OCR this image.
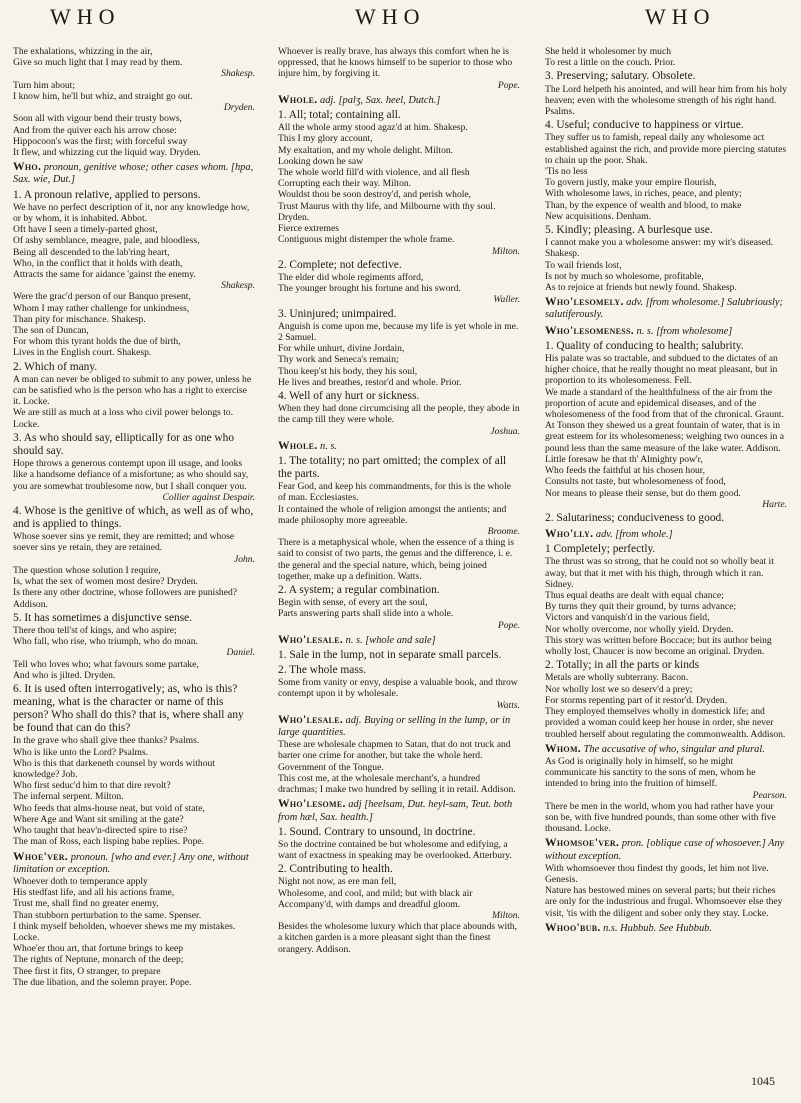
WHO	WHO	WHO

The exhalations, whizzing in the air,

Give so much light that I may read by them.

Shakesp.

Turn him about;

I know him, he'll but whiz, and straight go out.

Dryden.

Soon all with vigour bend their trusty bows,

And from the quiver each his arrow chose:

Hippocoon's was the first; with forceful sway

It flew, and whizzing cut the liquid way. Dryden.

Who. pronoun, genitive whose; other cases whom. [hpa, Sax. wie, Dut.]

1. A pronoun relative, applied to persons.

We have no perfect description of it, nor any knowledge how, or by whom, it is inhabited. Abbot.

Oft have I seen a timely-parted ghost,

Of ashy semblance, meagre, pale, and bloodless,

Being all descended to the lab'ring heart,

Who, in the conflict that it holds with death,

Attracts the same for aidance 'gainst the enemy.

Shakesp.

Were the grac'd person of our Banquo present,

Whom I may rather challenge for unkindness,

Than pity for mischance. Shakesp.

The son of Duncan,

For whom this tyrant holds the due of birth,

Lives in the English court. Shakesp.

2. Which of many.

A man can never be obliged to submit to any power, unless he can be satisfied who is the person who has a right to exercise it. Locke.

We are still as much at a loss who civil power belongs to. Locke.

3. As who should say, elliptically for as one who should say.

Hope throws a generous contempt upon ill usage, and looks like a handsome defiance of a misfortune; as who should say, you are somewhat troublesome now, but I shall conquer you.

Collier against Despair.

4. Whose is the genitive of which, as well as of who, and is applied to things.

Whose soever sins ye remit, they are remitted; and whose soever sins ye retain, they are retained.

John.

The question whose solution I require,

Is, what the sex of women most desire? Dryden.

Is there any other doctrine, whose followers are punished? Addison.

5. It has sometimes a disjunctive sense.

There thou tell'st of kings, and who aspire;

Who fall, who rise, who triumph, who do moan.

Daniel.

Tell who loves who; what favours some partake,

And who is jilted. Dryden.

6. It is used often interrogatively; as, who is this? meaning, what is the character or name of this person? Who shall do this? that is, where shall any be found that can do this?

In the grave who shall give thee thanks? Psalms.

Who is like unto the Lord? Psalms.

Who is this that darkeneth counsel by words without knowledge? Job.

Who first seduc'd him to that dire revolt?

The infernal serpent. Milton.

Who feeds that alms-house neat, but void of state,

Where Age and Want sit smiling at the gate?

Who taught that heav'n-directed spire to rise?

The man of Ross, each lisping babe replies. Pope.

Whoe'ver. pronoun. [who and ever.] Any one, without limitation or exception.

Whoever doth to temperance apply

His stedfast life, and all his actions frame,

Trust me, shall find no greater enemy,

Than stubborn perturbation to the same. Spenser.

I think myself beholden, whoever shews me my mistakes. Locke.

Whoe'er thou art, that fortune brings to keep

The rights of Neptune, monarch of the deep;

Thee first it fits, O stranger, to prepare

The due libation, and the solemn prayer. Pope.

Whoever is really brave, has always this comfort when he is oppressed, that he knows himself to be superior to those who injure him, by forgiving it.

Pope.

Whole. adj. [palʒ, Sax. heel, Dutch.]

1. All; total; containing all.

All the whole army stood agaz'd at him. Shakesp.

This I my glory account,

My exaltation, and my whole delight. Milton.

Looking down he saw

The whole world fill'd with violence, and all flesh

Corrupting each their way. Milton.

Wouldst thou be soon destroy'd, and perish whole,

Trust Maurus with thy life, and Milbourne with thy soul. Dryden.

Fierce extremes

Contiguous might distemper the whole frame.

Milton.

2. Complete; not defective.

The elder did whole regiments afford,

The younger brought his fortune and his sword.

Waller.

3. Uninjured; unimpaired.

Anguish is come upon me, because my life is yet whole in me. 2 Samuel.

For while unhurt, divine Jordain,

Thy work and Seneca's remain;

Thou keep'st his body, they his soul,

He lives and breathes, restor'd and whole. Prior.

4. Well of any hurt or sickness.

When they had done circumcising all the people, they abode in the camp till they were whole.

Joshua.

Whole. n. s.

1. The totality; no part omitted; the complex of all the parts.

Fear God, and keep his commandments, for this is the whole of man. Ecclesiastes.

It contained the whole of religion amongst the antients; and made philosophy more agreeable.

Broome.

There is a metaphysical whole, when the essence of a thing is said to consist of two parts, the genus and the difference, i. e. the general and the special nature, which, being joined together, make up a definition. Watts.

2. A system; a regular combination.

Begin with sense, of every art the soul,

Parts answering parts shall slide into a whole.

Pope.

Who'lesale. n. s. [whole and sale]

1. Sale in the lump, not in separate small parcels.

2. The whole mass.

Some from vanity or envy, despise a valuable book, and throw contempt upon it by wholesale.

Watts.

Who'lesale. adj. Buying or selling in the lump, or in large quantities.

These are wholesale chapmen to Satan, that do not truck and barter one crime for another, but take the whole herd. Government of the Tongue.

This cost me, at the wholesale merchant's, a hundred drachmas; I make two hundred by selling it in retail. Addison.

Who'lesome. adj [heelsam, Dut. heyl-sam, Teut. both from hæl, Sax. health.]

1. Sound. Contrary to unsound, in doctrine.

So the doctrine contained be but wholesome and edifying, a want of exactness in speaking may be overlooked. Atterbury.

2. Contributing to health.

Night not now, as ere man fell,

Wholesome, and cool, and mild; but with black air

Accompany'd, with damps and dreadful gloom.

Milton.

Besides the wholesome luxury which that place abounds with, a kitchen garden is a more pleasant sight than the finest orangery. Addison.

She held it wholesomer by much

To rest a little on the couch. Prior.

3. Preserving; salutary. Obsolete.

The Lord helpeth his anointed, and will hear him from his holy heaven; even with the wholesome strength of his right hand. Psalms.

4. Useful; conducive to happiness or virtue.

They suffer us to famish, repeal daily any wholesome act established against the rich, and provide more piercing statutes to chain up the poor. Shak.

'Tis no less

To govern justly, make your empire flourish,

With wholesome laws, in riches, peace, and plenty;

Than, by the expence of wealth and blood, to make

New acquisitions. Denham.

5. Kindly; pleasing. A burlesque use.

I cannot make you a wholesome answer: my wit's diseased. Shakesp.

To wail friends lost,

Is not by much so wholesome, profitable,

As to rejoice at friends but newly found. Shakesp.

Who'lesomely. adv. [from wholesome.] Salubriously; salutiferously.

Who'lesomeness. n. s. [from wholesome]

1. Quality of conducing to health; salubrity.

His palate was so tractable, and subdued to the dictates of an higher choice, that he really thought no meat pleasant, but in proportion to its wholesomeness. Fell.

We made a standard of the healthfulness of the air from the proportion of acute and epidemical diseases, and of the wholesomeness of the food from that of the chronical. Graunt.

At Tonson they shewed us a great fountain of water, that is in great esteem for its wholesomeness; weighing two ounces in a pound less than the same measure of the lake water. Addison.

Little foresaw he that th' Almighty pow'r,

Who feeds the faithful at his chosen hour,

Consults not taste, but wholesomeness of food,

Nor means to please their sense, but do them good.

Harte.

2. Salutariness; conduciveness to good.

Who'lly. adv. [from whole.]

1 Completely; perfectly.

The thrust was so strong, that he could not so wholly beat it away, but that it met with his thigh, through which it ran. Sidney.

Thus equal deaths are dealt with equal chance;

By turns they quit their ground, by turns advance;

Victors and vanquish'd in the various field,

Nor wholly overcome, nor wholly yield. Dryden.

This story was written before Boccace; but its author being wholly lost, Chaucer is now become an original. Dryden.

2. Totally; in all the parts or kinds

Metals are wholly subterrany. Bacon.

Nor wholly lost we so deserv'd a prey;

For storms repenting part of it restor'd. Dryden.

They employed themselves wholly in domestick life; and provided a woman could keep her house in order, she never troubled herself about regulating the commonwealth. Addison.

Whom. The accusative of who, singular and plural.

As God is originally holy in himself, so he might communicate his sanctity to the sons of men, whom he intended to bring into the fruition of himself.

Pearson.

There be men in the world, whom you had rather have your son be, with five hundred pounds, than some other with five thousand. Locke.

Whomsoe'ver. pron. [oblique case of whosoever.] Any without exception.

With whomsoever thou findest thy goods, let him not live. Genesis.

Nature has bestowed mines on several parts; but their riches are only for the industrious and frugal. Whomsoever else they visit, 'tis with the diligent and sober only they stay. Locke.

Whoo'bub. n.s. Hubbub. See Hubbub.

1045
